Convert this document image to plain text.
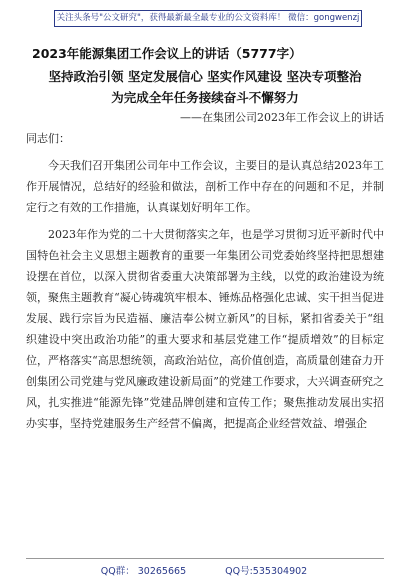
关注头条号"公文研究"，获得最新最全最专业的公文资料库！ 微信：gongwenzj
2023年能源集团工作会议上的讲话（5777字）
坚持政治引领 坚定发展信心 坚实作风建设 坚决专项整治
为完成全年任务接续奋斗不懈努力
——在集团公司2023年工作会议上的讲话
同志们：

今天我们召开集团公司年中工作会议，主要目的是认真总结2023年工作开展情况，总结好的经验和做法，剖析工作中存在的问题和不足，并制定行之有效的工作措施，认真谋划好明年工作。

2023年作为党的二十大贯彻落实之年，也是学习贯彻习近平新时代中国特色社会主义思想主题教育的重要一年集团公司党委始终坚持把思想建设摆在首位，以深入贯彻省委重大决策部署为主线，以党的政治建设为统领，聚焦主题教育“凝心铸魂筑牢根本、锤炼品格强化忠诚、实干担当促进发展、践行宗旨为民造福、廉洁奉公树立新风”的目标，紧扣省委关于“组织建设中突出政治功能”的重大要求和基层党建工作“提质增效”的目标定位，严格落实“高思想统领，高政治站位，高价值创造，高质量创建奋力开创集团公司党建与党风廉政建设新局面”的党建工作要求，大兴调查研究之风，扎实推进“能源先锋”党建品牌创建和宣传工作；聚焦推动发展出实招办实事，坚持党建服务生产经营不偏离，把提高企业经营效益、增强企

QQ群： 30265665	QQ号:535304902
